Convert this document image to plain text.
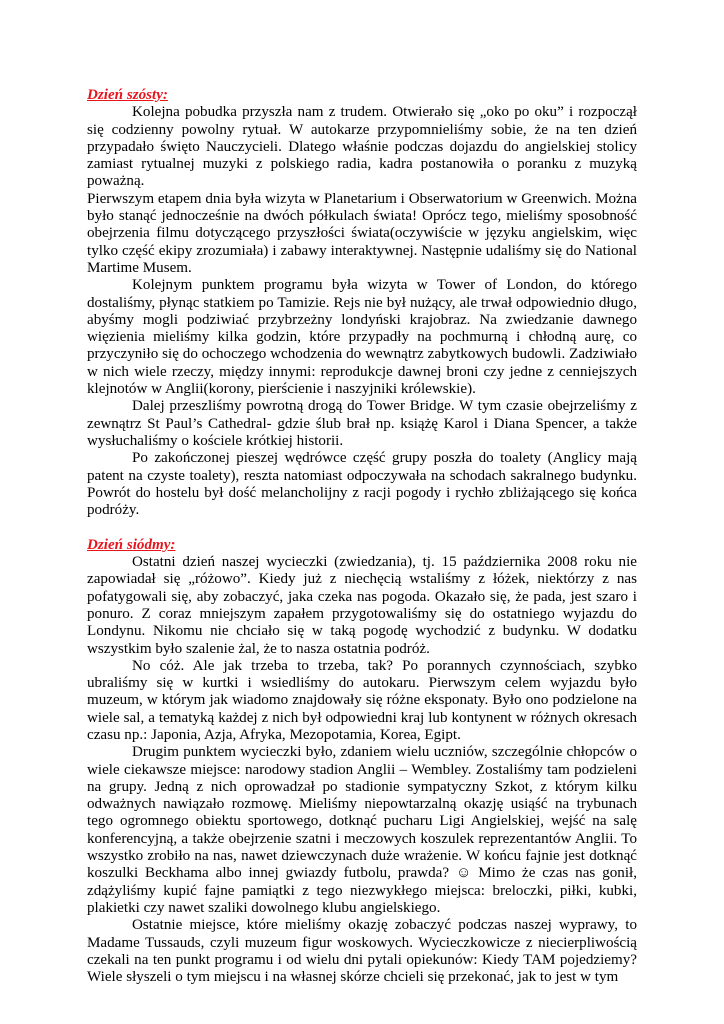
Dzień szósty:

Kolejna pobudka przyszła nam z trudem. Otwierało się „oko po oku” i rozpoczął się codzienny powolny rytuał. W autokarze przypomnieliśmy sobie, że na ten dzień przypadało święto Nauczycieli. Dlatego właśnie podczas dojazdu do angielskiej stolicy zamiast rytualnej muzyki z polskiego radia, kadra postanowiła o poranku z muzyką poważną.

Pierwszym etapem dnia była wizyta w Planetarium i Obserwatorium w Greenwich. Można było stanąć jednocześnie na dwóch półkulach świata! Oprócz tego, mieliśmy sposobność obejrzenia filmu dotyczącego przyszłości świata(oczywiście w języku angielskim, więc tylko część ekipy zrozumiała) i zabawy interaktywnej. Następnie udaliśmy się do National Martime Musem.

Kolejnym punktem programu była wizyta w Tower of London, do którego dostaliśmy, płynąc statkiem po Tamizie. Rejs nie był nużący, ale trwał odpowiednio długo, abyśmy mogli podziwiać przybrzeżny londyński krajobraz. Na zwiedzanie dawnego więzienia mieliśmy kilka godzin, które przypadły na pochmurną i chłodną aurę, co przyczyniło się do ochoczego wchodzenia do wewnątrz zabytkowych budowli. Zadziwiało w nich wiele rzeczy, między innymi: reprodukcje dawnej broni czy jedne z cenniejszych klejnotów w Anglii(korony, pierścienie i naszyjniki królewskie).

Dalej przeszliśmy powrotną drogą do Tower Bridge. W tym czasie obejrzeliśmy z zewnątrz St Paul’s Cathedral- gdzie ślub brał np. książę Karol i Diana Spencer, a także wysłuchaliśmy o kościele krótkiej historii.

Po zakończonej pieszej wędrówce część grupy poszła do toalety (Anglicy mają patent na czyste toalety), reszta natomiast odpoczywała na schodach sakralnego budynku. Powrót do hostelu był dość melancholijny z racji pogody i rychło zbliżającego się końca podróży.

Dzień siódmy:

Ostatni dzień naszej wycieczki (zwiedzania), tj. 15 października 2008 roku nie zapowiadał się „różowo”. Kiedy już z niechęcią wstaliśmy z łóżek, niektórzy z nas pofatygowali się, aby zobaczyć, jaka czeka nas pogoda. Okazało się, że pada, jest szaro i ponuro. Z coraz mniejszym zapałem przygotowaliśmy się do ostatniego wyjazdu do Londynu. Nikomu nie chciało się w taką pogodę wychodzić z budynku. W dodatku wszystkim było szalenie żal, że to nasza ostatnia podróż.

No cóż. Ale jak trzeba to trzeba, tak? Po porannych czynnościach, szybko ubraliśmy się w kurtki i wsiedliśmy do autokaru. Pierwszym celem wyjazdu było muzeum, w którym jak wiadomo znajdowały się różne eksponaty. Było ono podzielone na wiele sal, a tematyką każdej z nich był odpowiedni kraj lub kontynent w różnych okresach czasu np.: Japonia, Azja, Afryka, Mezopotamia, Korea, Egipt.

Drugim punktem wycieczki było, zdaniem wielu uczniów, szczególnie chłopców o wiele ciekawsze miejsce: narodowy stadion Anglii – Wembley. Zostaliśmy tam podzieleni na grupy. Jedną z nich oprowadzał po stadionie sympatyczny Szkot, z którym kilku odważnych nawiązało rozmowę. Mieliśmy niepowtarzalną okazję usiąść na trybunach tego ogromnego obiektu sportowego, dotknąć pucharu Ligi Angielskiej, wejść na salę konferencyjną, a także obejrzenie szatni i meczowych koszulek reprezentantów Anglii. To wszystko zrobiło na nas, nawet dziewczynach duże wrażenie. W końcu fajnie jest dotknąć koszulki Beckhama albo innej gwiazdy futbolu, prawda? ☺ Mimo że czas nas gonił, zdążyliśmy kupić fajne pamiątki z tego niezwykłego miejsca: breloczki, piłki, kubki, plakietki czy nawet szaliki dowolnego klubu angielskiego.

Ostatnie miejsce, które mieliśmy okazję zobaczyć podczas naszej wyprawy, to Madame Tussauds, czyli muzeum figur woskowych. Wycieczkowicze z niecierpliwością czekali na ten punkt programu i od wielu dni pytali opiekunów: Kiedy TAM pojedziemy? Wiele słyszeli o tym miejscu i na własnej skórze chcieli się przekonać, jak to jest w tym
